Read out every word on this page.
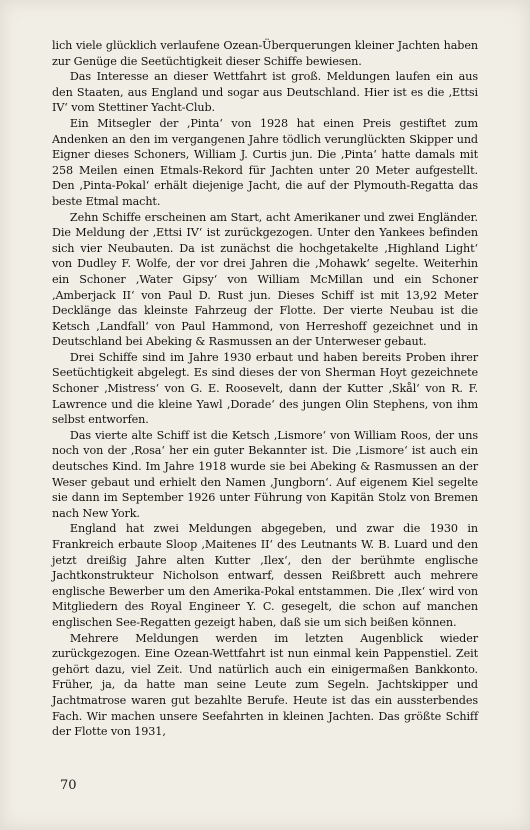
lich viele glücklich verlaufene Ozean-Überquerungen kleiner Jachten haben zur Genüge die Seetüchtigkeit dieser Schiffe bewiesen.

Das Interesse an dieser Wettfahrt ist groß. Meldungen laufen ein aus den Staaten, aus England und sogar aus Deutschland. Hier ist es die ‚Ettsi IV‘ vom Stettiner Yacht-Club.

Ein Mitsegler der ‚Pinta‘ von 1928 hat einen Preis gestiftet zum Andenken an den im vergangenen Jahre tödlich verunglückten Skipper und Eigner dieses Schoners, William J. Curtis jun. Die ‚Pinta‘ hatte damals mit 258 Meilen einen Etmals-Rekord für Jachten unter 20 Meter aufgestellt. Den ‚Pinta-Pokal‘ erhält diejenige Jacht, die auf der Plymouth-Regatta das beste Etmal macht.

Zehn Schiffe erscheinen am Start, acht Amerikaner und zwei Engländer. Die Meldung der ‚Ettsi IV‘ ist zurückgezogen. Unter den Yankees befinden sich vier Neubauten. Da ist zunächst die hochgetakelte ‚Highland Light‘ von Dudley F. Wolfe, der vor drei Jahren die ‚Mohawk‘ segelte. Weiterhin ein Schoner ‚Water Gipsy‘ von William McMillan und ein Schoner ‚Amberjack II‘ von Paul D. Rust jun. Dieses Schiff ist mit 13,92 Meter Decklänge das kleinste Fahrzeug der Flotte. Der vierte Neubau ist die Ketsch ‚Landfall‘ von Paul Hammond, von Herreshoff gezeichnet und in Deutschland bei Abeking & Rasmussen an der Unterweser gebaut.

Drei Schiffe sind im Jahre 1930 erbaut und haben bereits Proben ihrer Seetüchtigkeit abgelegt. Es sind dieses der von Sherman Hoyt gezeichnete Schoner ‚Mistress‘ von G. E. Roosevelt, dann der Kutter ‚Skål‘ von R. F. Lawrence und die kleine Yawl ‚Dorade‘ des jungen Olin Stephens, von ihm selbst entworfen.

Das vierte alte Schiff ist die Ketsch ‚Lismore‘ von William Roos, der uns noch von der ‚Rosa‘ her ein guter Bekannter ist. Die ‚Lismore‘ ist auch ein deutsches Kind. Im Jahre 1918 wurde sie bei Abeking & Rasmussen an der Weser gebaut und erhielt den Namen ‚Jungborn‘. Auf eigenem Kiel segelte sie dann im September 1926 unter Führung von Kapitän Stolz von Bremen nach New York.

England hat zwei Meldungen abgegeben, und zwar die 1930 in Frankreich erbaute Sloop ‚Maitenes II‘ des Leutnants W. B. Luard und den jetzt dreißig Jahre alten Kutter ‚Ilex‘, den der berühmte englische Jachtkonstrukteur Nicholson entwarf, dessen Reißbrett auch mehrere englische Bewerber um den Amerika-Pokal entstammen. Die ‚Ilex‘ wird von Mitgliedern des Royal Engineer Y. C. gesegelt, die schon auf manchen englischen See-Regatten gezeigt haben, daß sie um sich beißen können.

Mehrere Meldungen werden im letzten Augenblick wieder zurückgezogen. Eine Ozean-Wettfahrt ist nun einmal kein Pappenstiel. Zeit gehört dazu, viel Zeit. Und natürlich auch ein einigermaßen Bankkonto. Früher, ja, da hatte man seine Leute zum Segeln. Jachtskipper und Jachtmatrose waren gut bezahlte Berufe. Heute ist das ein aussterbendes Fach. Wir machen unsere Seefahrten in kleinen Jachten. Das größte Schiff der Flotte von 1931,

70
